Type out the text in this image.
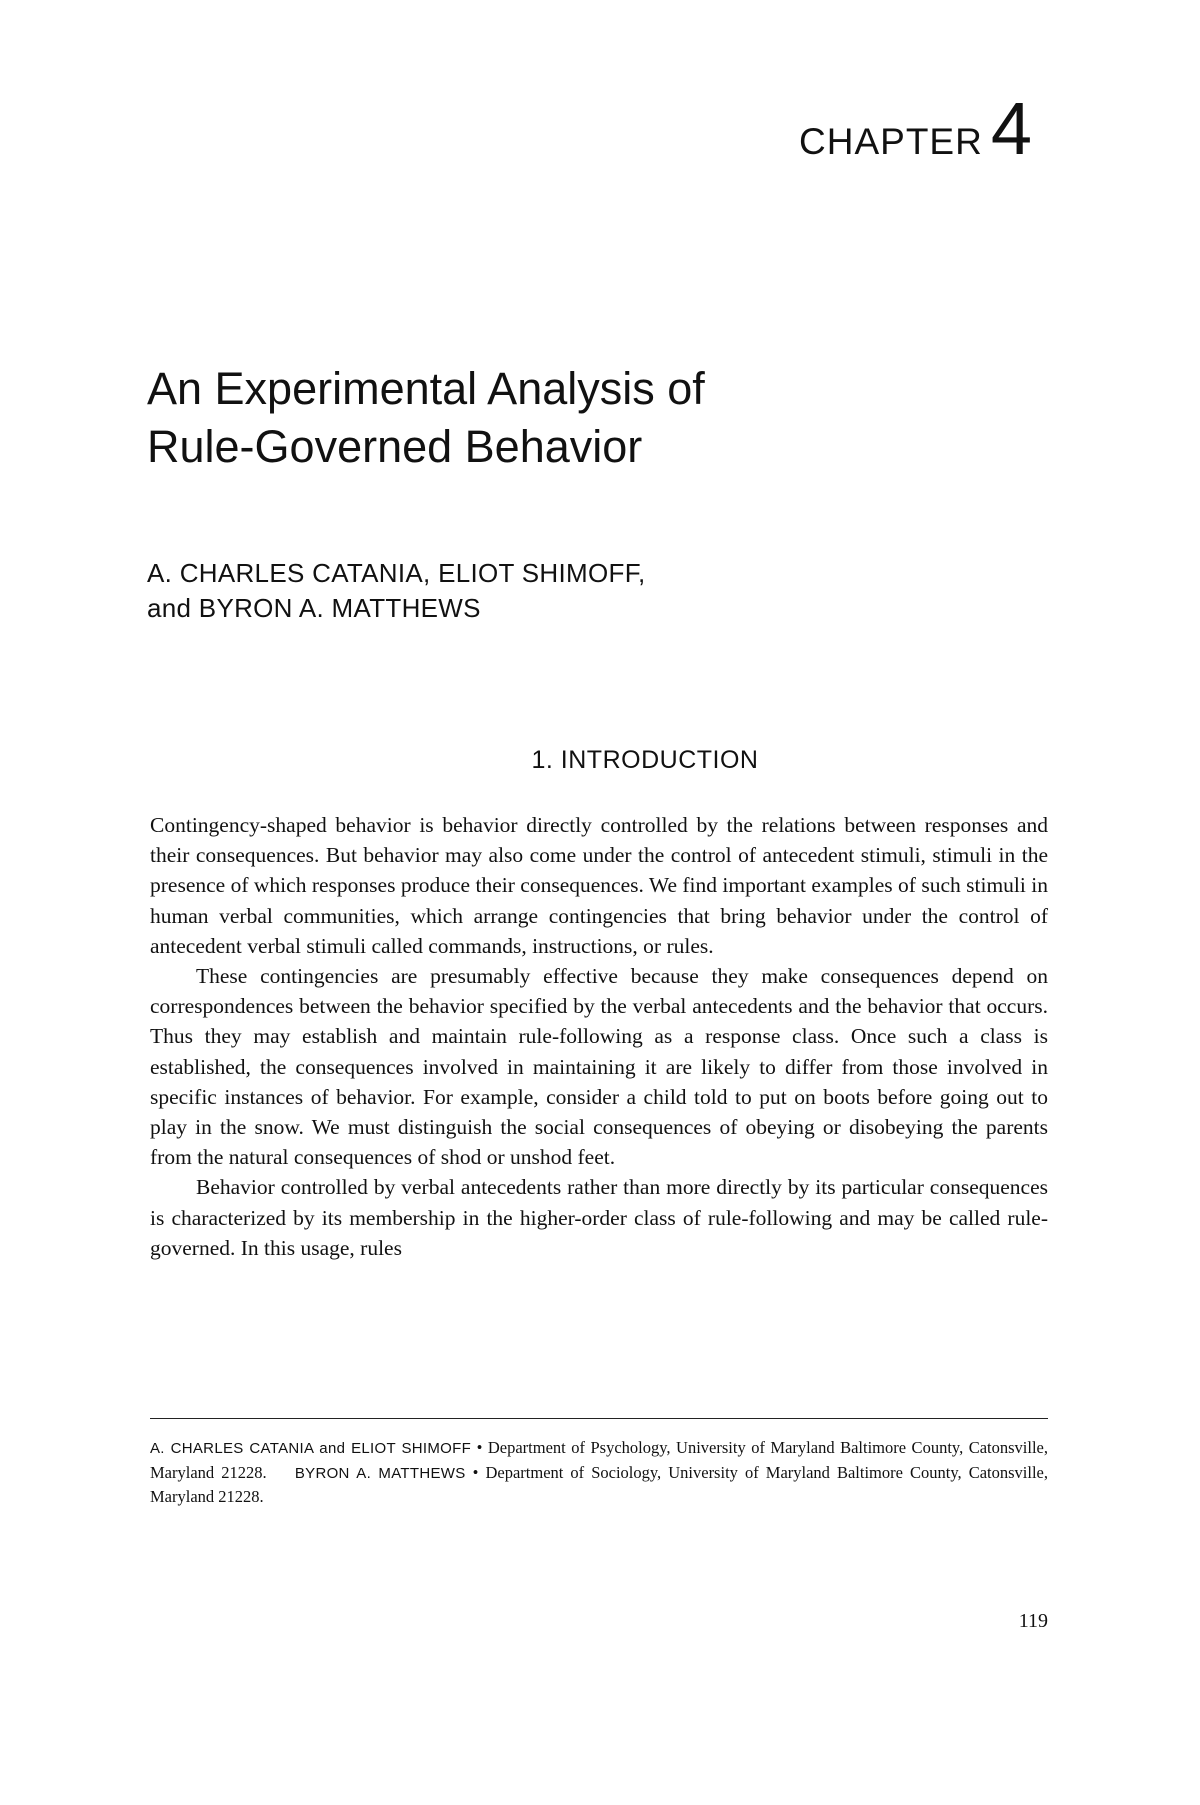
CHAPTER 4
An Experimental Analysis of
Rule-Governed Behavior
A. CHARLES CATANIA, ELIOT SHIMOFF,
and BYRON A. MATTHEWS
1. INTRODUCTION

Contingency-shaped behavior is behavior directly controlled by the relations between responses and their consequences. But behavior may also come under the control of antecedent stimuli, stimuli in the presence of which responses produce their consequences. We find important examples of such stimuli in human verbal communities, which arrange contingencies that bring behavior under the control of antecedent verbal stimuli called commands, instructions, or rules.

These contingencies are presumably effective because they make consequences depend on correspondences between the behavior specified by the verbal antecedents and the behavior that occurs. Thus they may establish and maintain rule-following as a response class. Once such a class is established, the consequences involved in maintaining it are likely to differ from those involved in specific instances of behavior. For example, consider a child told to put on boots before going out to play in the snow. We must distinguish the social consequences of obeying or disobeying the parents from the natural consequences of shod or unshod feet.

Behavior controlled by verbal antecedents rather than more directly by its particular consequences is characterized by its membership in the higher-order class of rule-following and may be called rule-governed. In this usage, rules

A. CHARLES CATANIA and ELIOT SHIMOFF • Department of Psychology, University of Maryland Baltimore County, Catonsville, Maryland 21228. BYRON A. MATTHEWS • Department of Sociology, University of Maryland Baltimore County, Catonsville, Maryland 21228.
119
